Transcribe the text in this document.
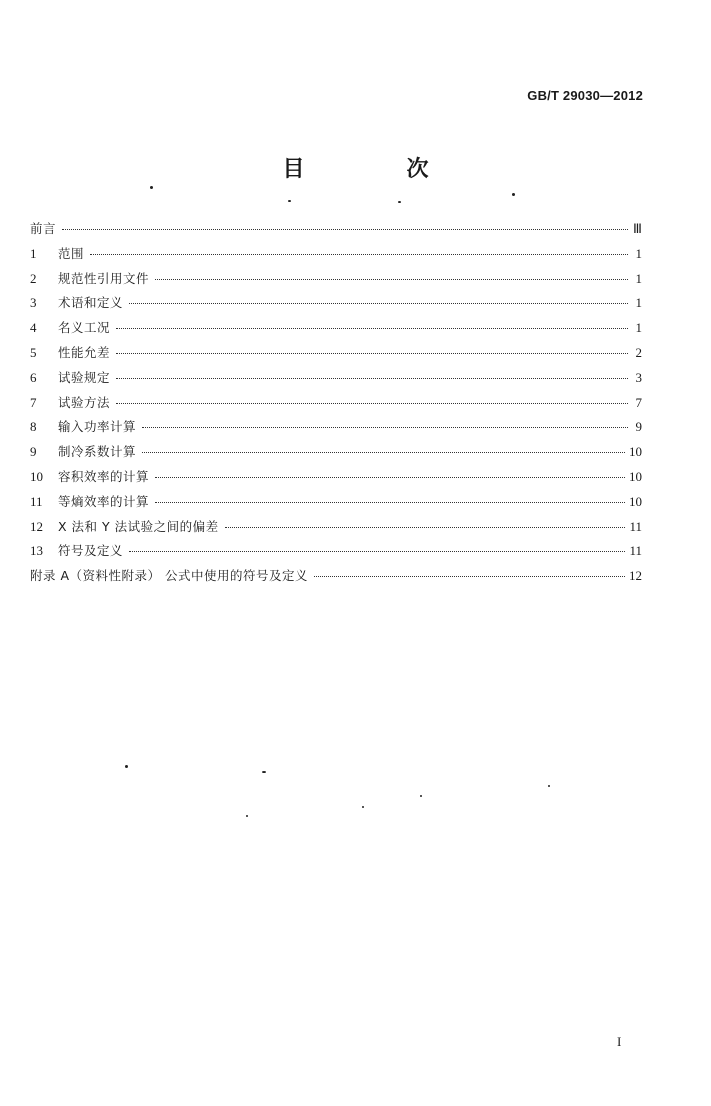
GB/T 29030—2012
目　次
前言	Ⅲ
1	范围	1
2	规范性引用文件	1
3	术语和定义	1
4	名义工况	1
5	性能允差	2
6	试验规定	3
7	试验方法	7
8	输入功率计算	9
9	制冷系数计算	10
10	容积效率的计算	10
11	等熵效率的计算	10
12	X 法和 Y 法试验之间的偏差	11
13	符号及定义	11
附录 A（资料性附录） 公式中使用的符号及定义	12
I
